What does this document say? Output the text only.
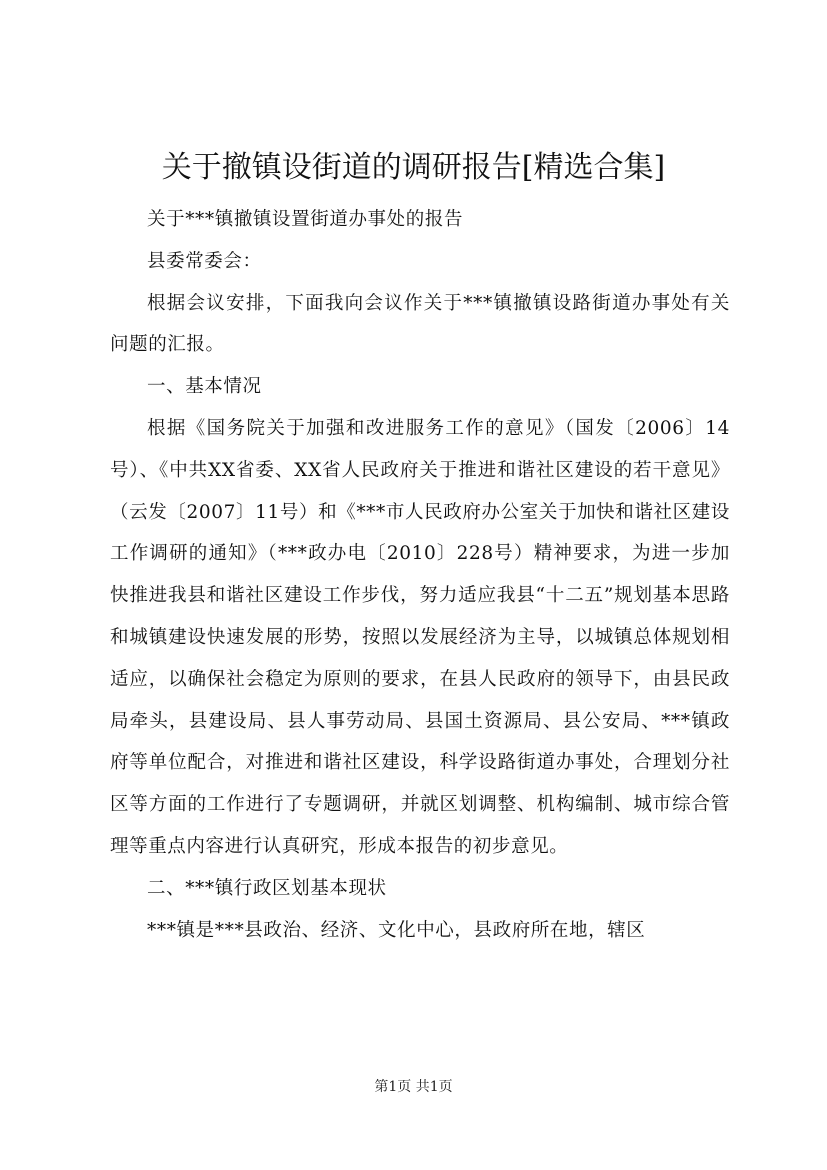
关于撤镇设街道的调研报告[精选合集]

关于***镇撤镇设置街道办事处的报告

县委常委会：

根据会议安排，下面我向会议作关于***镇撤镇设路街道办事处有关问题的汇报。

一、基本情况

根据《国务院关于加强和改进服务工作的意见》（国发〔2006〕14号）、《中共XX省委、XX省人民政府关于推进和谐社区建设的若干意见》（云发〔2007〕11号）和《***市人民政府办公室关于加快和谐社区建设工作调研的通知》（***政办电〔2010〕228号）精神要求，为进一步加快推进我县和谐社区建设工作步伐，努力适应我县“十二五”规划基本思路和城镇建设快速发展的形势，按照以发展经济为主导，以城镇总体规划相适应，以确保社会稳定为原则的要求，在县人民政府的领导下，由县民政局牵头，县建设局、县人事劳动局、县国土资源局、县公安局、***镇政府等单位配合，对推进和谐社区建设，科学设路街道办事处，合理划分社区等方面的工作进行了专题调研，并就区划调整、机构编制、城市综合管理等重点内容进行认真研究，形成本报告的初步意见。

二、***镇行政区划基本现状

***镇是***县政治、经济、文化中心，县政府所在地，辖区

第1页 共1页
